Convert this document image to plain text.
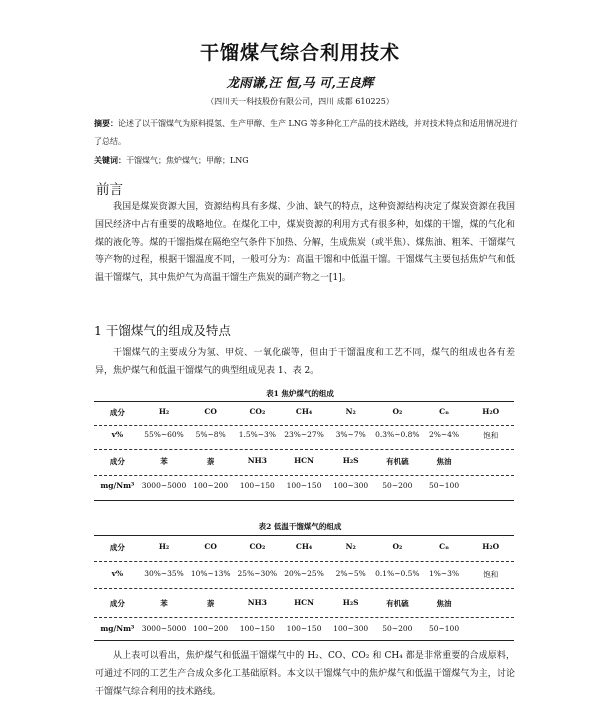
干馏煤气综合利用技术
龙雨谦,汪 恒,马 可,王良辉
（四川天一科技股份有限公司，四川 成都 610225）
摘要：论述了以干馏煤气为原料提氢、生产甲醇、生产 LNG 等多种化工产品的技术路线，并对技术特点和适用情况进行了总结。
关键词：干馏煤气；焦炉煤气；甲醇；LNG
前言
我国是煤炭资源大国，资源结构具有多煤、少油、缺气的特点，这种资源结构决定了煤炭资源在我国国民经济中占有重要的战略地位。在煤化工中，煤炭资源的利用方式有很多种，如煤的干馏，煤的气化和煤的液化等。煤的干馏指煤在隔绝空气条件下加热、分解，生成焦炭（或半焦）、煤焦油、粗苯、干馏煤气等产物的过程，根据干馏温度不同，一般可分为：高温干馏和中低温干馏。干馏煤气主要包括焦炉气和低温干馏煤气，其中焦炉气为高温干馏生产焦炭的副产物之一[1]。
1 干馏煤气的组成及特点
干馏煤气的主要成分为氢、甲烷、一氧化碳等，但由于干馏温度和工艺不同，煤气的组成也各有差异，焦炉煤气和低温干馏煤气的典型组成见表 1、表 2。
表1 焦炉煤气的组成
成分	H₂	CO	CO₂	CH₄	N₂	O₂	Cₙ	H₂O
v%	55%~60%	5%~8%	1.5%~3%	23%~27%	3%~7%	0.3%~0.8%	2%~4%	饱和
成分	苯	萘	NH3	HCN	H₂S	有机硫	焦油
mg/Nm³ 3000~5000 100~200	100~150	100~150	100~300	50~200	50~100
表2 低温干馏煤气的组成
成分	H₂	CO	CO₂	CH₄	N₂	O₂	Cₙ	H₂O
v%	30%~35% 10%~13% 25%~30% 20%~25%	2%~5%	0.1%~0.5%	1%~3%	饱和
成分	苯	萘	NH3	HCN	H₂S	有机硫	焦油
mg/Nm³ 3000~5000 100~200	100~150	100~150	100~300	50~200	50~100
从上表可以看出，焦炉煤气和低温干馏煤气中的 H₂、CO、CO₂ 和 CH₄ 都是非常重要的合成原料，可通过不同的工艺生产合成众多化工基础原料。本文以干馏煤气中的焦炉煤气和低温干馏煤气为主，讨论干馏煤气综合利用的技术路线。
